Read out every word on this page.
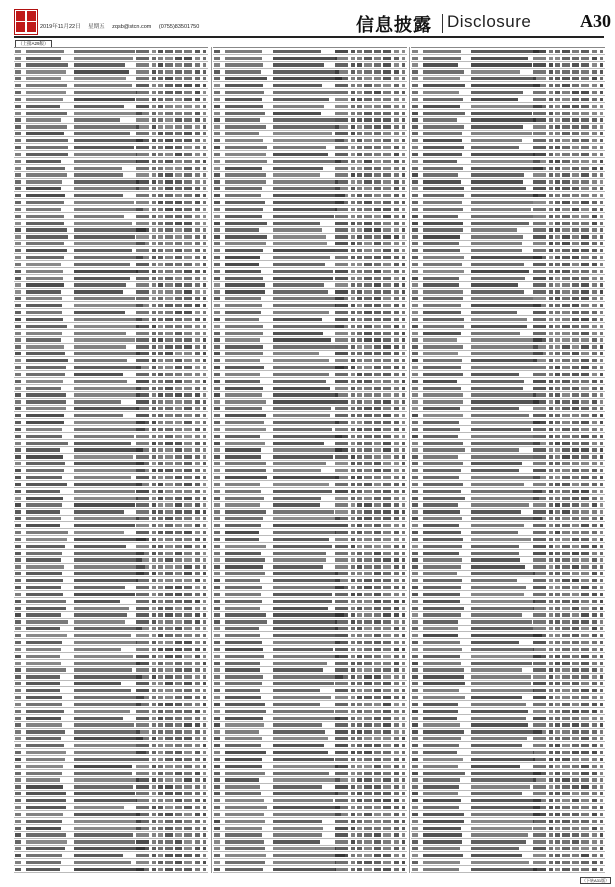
2019年11月22日 星期五 zqsb@stcn.com (0755)83501750	信息披露 Disclosure	A30
（上接A29版）
（下转A31版）
